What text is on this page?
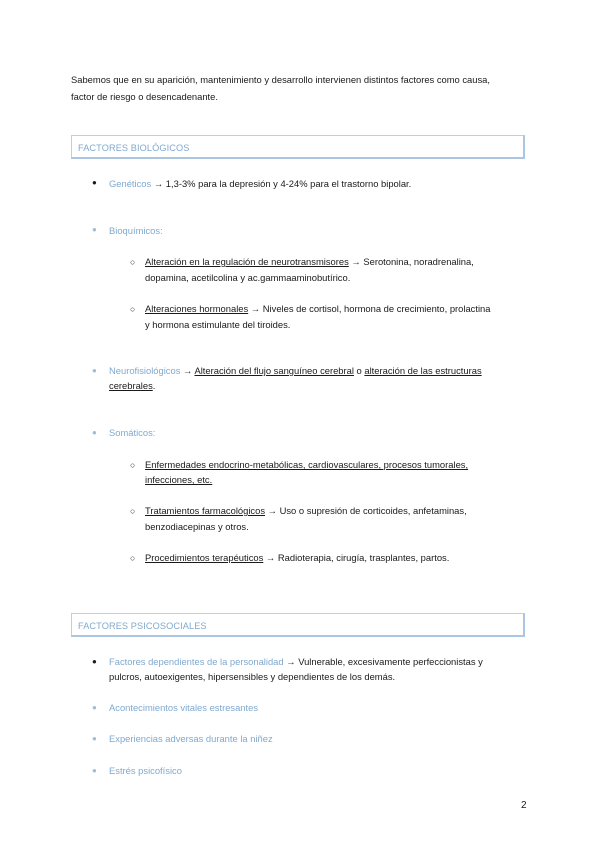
Sabemos que en su aparición, mantenimiento y desarrollo intervienen distintos factores como causa,
factor de riesgo o desencadenante.
FACTORES BIOLÓGICOS
● Genéticos → 1,3-3% para la depresión y 4-24% para el trastorno bipolar.
● Bioquímicos:
○ Alteración en la regulación de neurotransmisores → Serotonina, noradrenalina,
dopamina, acetilcolina y ac.gammaaminobutírico.
○ Alteraciones hormonales → Niveles de cortisol, hormona de crecimiento, prolactina
y hormona estimulante del tiroides.
● Neurofisiológicos → Alteración del flujo sanguíneo cerebral o alteración de las estructuras
cerebrales.
● Somáticos:
○ Enfermedades endocrino-metabólicas, cardiovasculares, procesos tumorales,
infecciones, etc.
○ Tratamientos farmacológicos → Uso o supresión de corticoides, anfetaminas,
benzodiacepinas y otros.
○ Procedimientos terapéuticos → Radioterapia, cirugía, trasplantes, partos.
FACTORES PSICOSOCIALES
● Factores dependientes de la personalidad → Vulnerable, excesivamente perfeccionistas y
pulcros, autoexigentes, hipersensibles y dependientes de los demás.
● Acontecimientos vitales estresantes
● Experiencias adversas durante la niñez
● Estrés psicofísico
2
